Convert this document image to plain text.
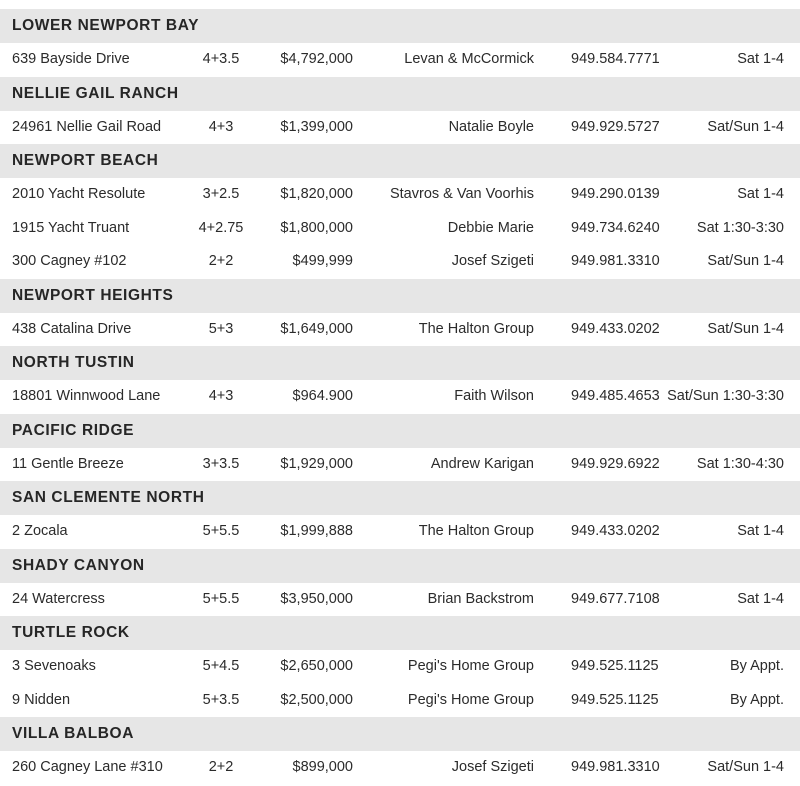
LOWER NEWPORT BAY
639 Bayside Drive	4+3.5	$4,792,000	Levan & McCormick	949.584.7771	Sat 1-4
NELLIE GAIL RANCH
24961 Nellie Gail Road	4+3	$1,399,000	Natalie Boyle	949.929.5727	Sat/Sun 1-4
NEWPORT BEACH
2010 Yacht Resolute	3+2.5	$1,820,000	Stavros & Van Voorhis	949.290.0139	Sat 1-4
1915 Yacht Truant	4+2.75	$1,800,000	Debbie Marie	949.734.6240	Sat 1:30-3:30
300 Cagney #102	2+2	$499,999	Josef Szigeti	949.981.3310	Sat/Sun 1-4
NEWPORT HEIGHTS
438 Catalina Drive	5+3	$1,649,000	The Halton Group	949.433.0202	Sat/Sun 1-4
NORTH TUSTIN
18801 Winnwood Lane	4+3	$964.900	Faith Wilson	949.485.4653 Sat/Sun 1:30-3:30
PACIFIC RIDGE
11 Gentle Breeze	3+3.5	$1,929,000	Andrew Karigan	949.929.6922	Sat 1:30-4:30
SAN CLEMENTE NORTH
2 Zocala	5+5.5	$1,999,888	The Halton Group	949.433.0202	Sat 1-4
SHADY CANYON
24 Watercress	5+5.5	$3,950,000	Brian Backstrom	949.677.7108	Sat 1-4
TURTLE ROCK
3 Sevenoaks	5+4.5	$2,650,000	Pegi's Home Group	949.525.1125	By Appt.
9 Nidden	5+3.5	$2,500,000	Pegi's Home Group	949.525.1125	By Appt.
VILLA BALBOA
260 Cagney Lane #310	2+2	$899,000	Josef Szigeti	949.981.3310	Sat/Sun 1-4
